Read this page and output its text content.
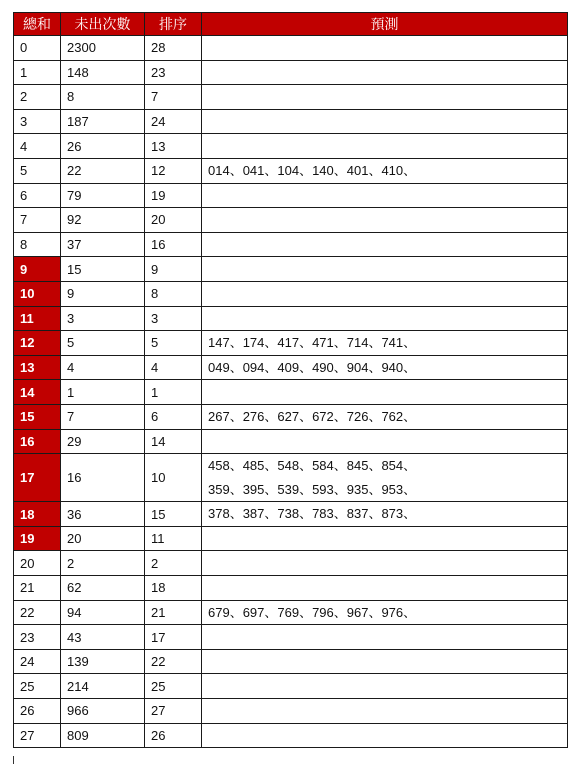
總和	未出次數	排序	預測
0	2300	28	
1	148	23	
2	8	7	
3	187	24	
4	26	13	
5	22	12	014、041、104、140、401、410、

6	79	19	
7	92	20	
8	37	16	
9	15	9	
10	9	8	
11	3	3	
12	5	5	147、174、417、471、714、741、

13	4	4	049、094、409、490、904、940、

14	1	1	
15	7	6	267、276、627、672、726、762、

16	29	14	
17	16	10	458、485、548、584、845、854、
359、395、539、593、935、953、

18	36	15	378、387、738、783、837、873、

19	20	11	
20	2	2	
21	62	18	
22	94	21	679、697、769、796、967、976、

23	43	17	
24	139	22	
25	214	25	
26	966	27	
27	809	26	
